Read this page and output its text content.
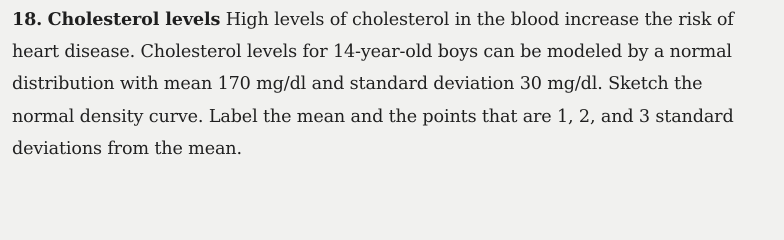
18. Cholesterol levels High levels of cholesterol in the blood increase the risk of
heart disease. Cholesterol levels for 14-year-old boys can be modeled by a normal
distribution with mean 170 mg/dl and standard deviation 30 mg/dl. Sketch the
normal density curve. Label the mean and the points that are 1, 2, and 3 standard
deviations from the mean.
